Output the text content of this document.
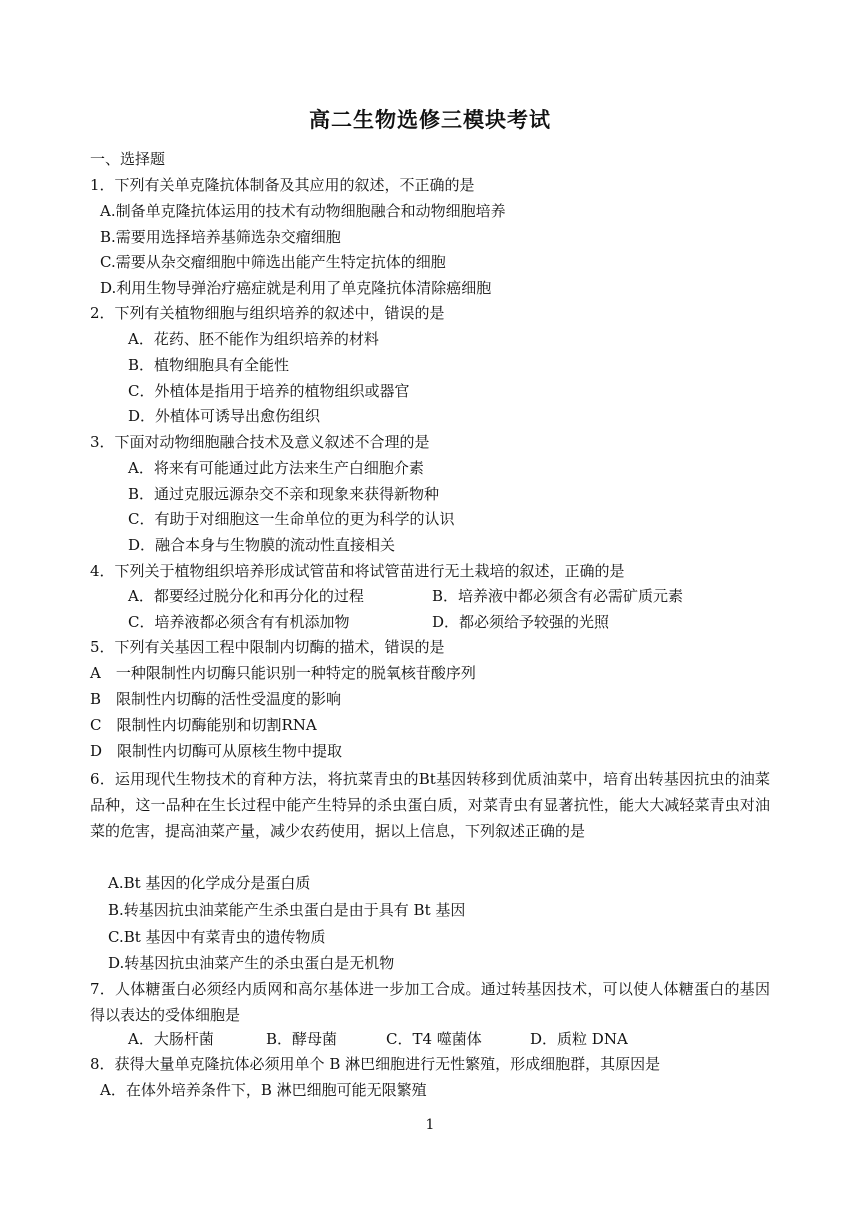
高二生物选修三模块考试
一、选择题
1．下列有关单克隆抗体制备及其应用的叙述，不正确的是
A.制备单克隆抗体运用的技术有动物细胞融合和动物细胞培养
B.需要用选择培养基筛选杂交瘤细胞
C.需要从杂交瘤细胞中筛选出能产生特定抗体的细胞
D.利用生物导弹治疗癌症就是利用了单克隆抗体清除癌细胞
2．下列有关植物细胞与组织培养的叙述中，错误的是
A．花药、胚不能作为组织培养的材料
B．植物细胞具有全能性
C．外植体是指用于培养的植物组织或器官
D．外植体可诱导出愈伤组织
3．下面对动物细胞融合技术及意义叙述不合理的是
A．将来有可能通过此方法来生产白细胞介素
B．通过克服远源杂交不亲和现象来获得新物种
C．有助于对细胞这一生命单位的更为科学的认识
D．融合本身与生物膜的流动性直接相关
4．下列关于植物组织培养形成试管苗和将试管苗进行无土栽培的叙述，正确的是
A．都要经过脱分化和再分化的过程	B．培养液中都必须含有必需矿质元素
C．培养液都必须含有有机添加物	D．都必须给予较强的光照
5．下列有关基因工程中限制内切酶的描术，错误的是
A　一种限制性内切酶只能识别一种特定的脱氧核苷酸序列
B　限制性内切酶的活性受温度的影响
C　限制性内切酶能别和切割RNA
D　限制性内切酶可从原核生物中提取
6．运用现代生物技术的育种方法，将抗菜青虫的Bt基因转移到优质油菜中，培育出转基因抗虫的油菜品种，这一品种在生长过程中能产生特异的杀虫蛋白质，对菜青虫有显著抗性，能大大减轻菜青虫对油菜的危害，提高油菜产量，减少农药使用，据以上信息，下列叙述正确的是
A.Bt 基因的化学成分是蛋白质
B.转基因抗虫油菜能产生杀虫蛋白是由于具有 Bt 基因
C.Bt 基因中有菜青虫的遗传物质
D.转基因抗虫油菜产生的杀虫蛋白是无机物
7．人体糖蛋白必须经内质网和高尔基体进一步加工合成。通过转基因技术，可以使人体糖蛋白的基因得以表达的受体细胞是
A．大肠杆菌	B．酵母菌	C．T4 噬菌体	D．质粒 DNA
8．获得大量单克隆抗体必须用单个 B 淋巴细胞进行无性繁殖，形成细胞群，其原因是
A．在体外培养条件下，B 淋巴细胞可能无限繁殖
1
